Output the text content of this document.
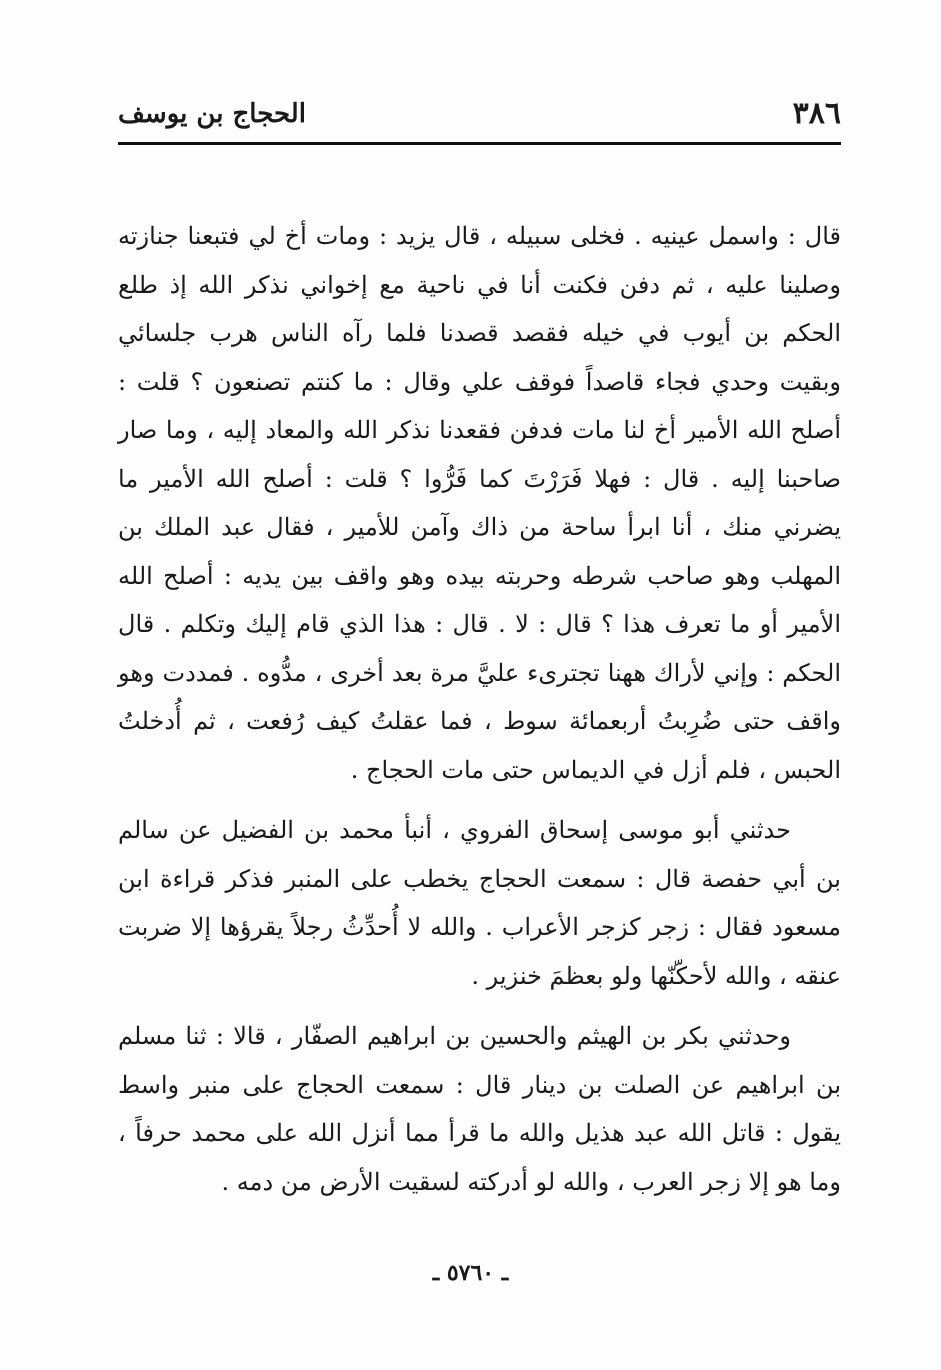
٣٨٦
الحجاج بن يوسف

قال : واسمل عينيه . فخلى سبيله ، قال يزيد : ومات أخ لي فتبعنا جنازته وصلينا عليه ، ثم دفن فكنت أنا في ناحية مع إخواني نذكر الله إذ طلع الحكم بن أيوب في خيله فقصد قصدنا فلما رآه الناس هرب جلسائي وبقيت وحدي فجاء قاصداً فوقف علي وقال : ما كنتم تصنعون ؟ قلت : أصلح الله الأمير أخ لنا مات فدفن فقعدنا نذكر الله والمعاد إليه ، وما صار صاحبنا إليه . قال : فهلا فَرَرْتَ كما فَرُّوا ؟ قلت : أصلح الله الأمير ما يضرني منك ، أنا ابرأ ساحة من ذاك وآمن للأمير ، فقال عبد الملك بن المهلب وهو صاحب شرطه وحربته بيده وهو واقف بين يديه : أصلح الله الأمير أو ما تعرف هذا ؟ قال : لا . قال : هذا الذي قام إليك وتكلم . قال الحكم : وإني لأراك ههنا تجترىء عليَّ مرة بعد أخرى ، مدُّوه . فمددت وهو واقف حتى ضُرِبتُ أربعمائة سوط ، فما عقلتُ كيف رُفعت ، ثم أُدخلتُ الحبس ، فلم أزل في الديماس حتى مات الحجاج .

حدثني أبو موسى إسحاق الفروي ، أنبأ محمد بن الفضيل عن سالم بن أبي حفصة قال : سمعت الحجاج يخطب على المنبر فذكر قراءة ابن مسعود فقال : زجر كزجر الأعراب . والله لا أُحدِّثُ رجلاً يقرؤها إلا ضربت عنقه ، والله لأحكّنّها ولو بعظمَ خنزير .

وحدثني بكر بن الهيثم والحسين بن ابراهيم الصفّار ، قالا : ثنا مسلم بن ابراهيم عن الصلت بن دينار قال : سمعت الحجاج على منبر واسط يقول : قاتل الله عبد هذيل والله ما قرأ مما أنزل الله على محمد حرفاً ، وما هو إلا زجر العرب ، والله لو أدركته لسقيت الأرض من دمه .

ـ ٥٧٦٠ ـ
